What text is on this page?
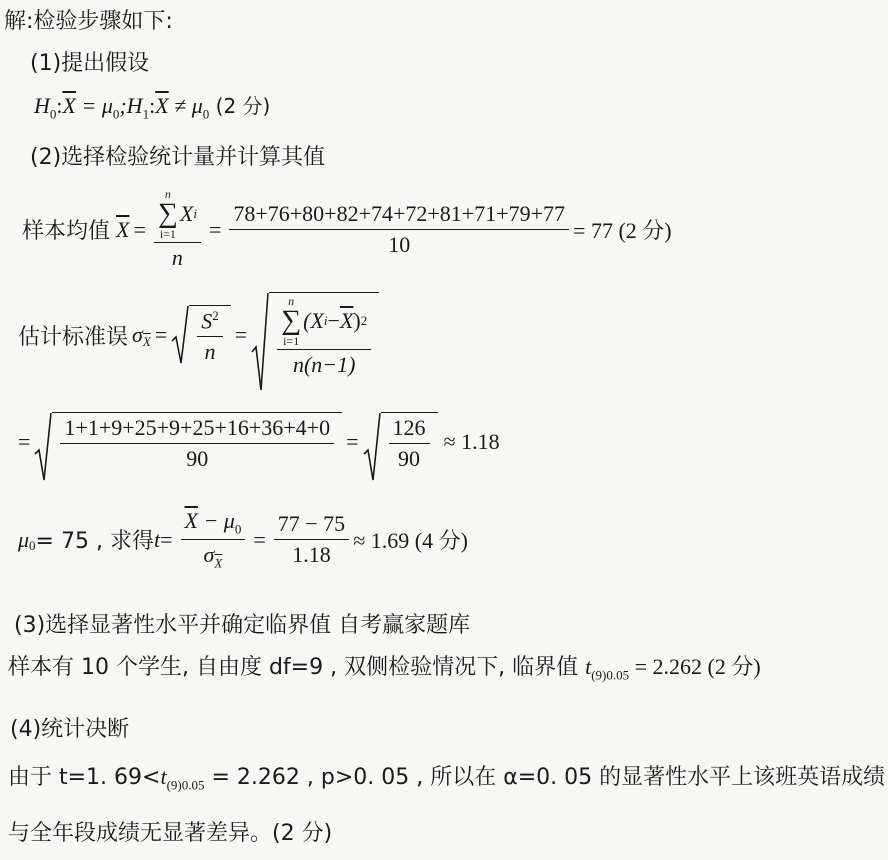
解:检验步骤如下:
(1)提出假设
$H_0:\overline{X}$ = $\mu_0;H_1:\overline{X} \ne \mu_0$ (2 分)
(2)选择检验统计量并计算其值
样本均值 $\overline{X} = n$
∑
i=1
X i
$n = \frac{78+76+80+82+74+72+81+71+79+77}{10} = 77$ (2 分)
估计标准误 $\sigma_{\overline{X}} = \frac{S^2}{n}$ =
n
∑
i=1
(X $i - \overline{X}$ ) 2
n(n−1)
= $\frac{1+1+9+25+9+25+16+36+4+0}{90} = \frac{126}{90} \approx 1.18$
$\mu_0 = 75$ , 求得 $t = \frac{\overline{X} - \mu_0}{\sigma_{\overline{X}}} = \frac{77 - 75}{1.18} \approx 1.69$ (4 分)
(3)选择显著性水平并确定临界值 自考赢家题库
样本有 10 个学生, 自由度 df=9 , 双侧检验情况下, 临界值 $t_{(9)0.05} = 2.262$ (2 分)
(4)统计决断
由于 t=1. $69<t_{(9)0.05} = 2.262$ , p>0. 05 , 所以在 α=0. 05 的显著性水平上该班英语成绩
与全年段成绩无显著差异。(2 分)
